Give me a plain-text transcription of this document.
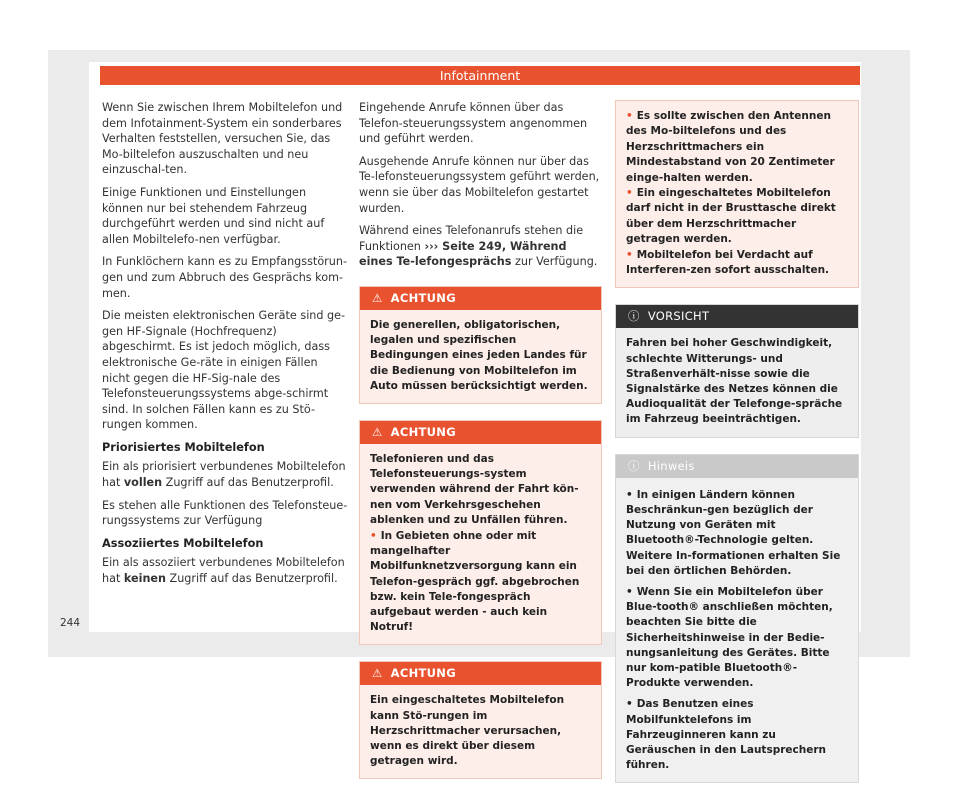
Infotainment

Wenn Sie zwischen Ihrem Mobiltelefon und dem Infotainment-System ein sonderbares Verhalten feststellen, versuchen Sie, das Mo-biltelefon auszuschalten und neu einzuschal-ten.

Einige Funktionen und Einstellungen können nur bei stehendem Fahrzeug durchgeführt werden und sind nicht auf allen Mobiltelefo-nen verfügbar.

In Funklöchern kann es zu Empfangsstörun-gen und zum Abbruch des Gesprächs kom-men.

Die meisten elektronischen Geräte sind ge-gen HF-Signale (Hochfrequenz) abgeschirmt. Es ist jedoch möglich, dass elektronische Ge-räte in einigen Fällen nicht gegen die HF-Sig-nale des Telefonsteuerungssystems abge-schirmt sind. In solchen Fällen kann es zu Stö-rungen kommen.

Priorisiertes Mobiltelefon

Ein als priorisiert verbundenes Mobiltelefon hat vollen Zugriff auf das Benutzerprofil.

Es stehen alle Funktionen des Telefonsteue-rungssystems zur Verfügung

Assoziiertes Mobiltelefon

Ein als assoziiert verbundenes Mobiltelefon hat keinen Zugriff auf das Benutzerprofil.

Eingehende Anrufe können über das Telefon-steuerungssystem angenommen und geführt werden.

Ausgehende Anrufe können nur über das Te-lefonsteuerungssystem geführt werden, wenn sie über das Mobiltelefon gestartet wurden.

Während eines Telefonanrufs stehen die Funktionen ››› Seite 249, Während eines Te-lefongesprächs zur Verfügung.

⚠ ACHTUNG
Die generellen, obligatorischen, legalen und spezifischen Bedingungen eines jeden Landes für die Bedienung von Mobiltelefon im Auto müssen berücksichtigt werden.
⚠ ACHTUNG
Telefonieren und das Telefonsteuerungs-system verwenden während der Fahrt kön-nen vom Verkehrsgeschehen ablenken und zu Unfällen führen.
• In Gebieten ohne oder mit mangelhafter Mobilfunknetzversorgung kann ein Telefon-gespräch ggf. abgebrochen bzw. kein Tele-fongespräch aufgebaut werden - auch kein Notruf!
⚠ ACHTUNG
Ein eingeschaltetes Mobiltelefon kann Stö-rungen im Herzschrittmacher verursachen, wenn es direkt über diesem getragen wird.
• Es sollte zwischen den Antennen des Mo-biltelefons und des Herzschrittmachers ein Mindestabstand von 20 Zentimeter einge-halten werden.
• Ein eingeschaltetes Mobiltelefon darf nicht in der Brusttasche direkt über dem Herzschrittmacher getragen werden.
• Mobiltelefon bei Verdacht auf Interferen-zen sofort ausschalten.
ⓘ VORSICHT
Fahren bei hoher Geschwindigkeit, schlechte Witterungs- und Straßenverhält-nisse sowie die Signalstärke des Netzes können die Audioqualität der Telefonge-spräche im Fahrzeug beeinträchtigen.
ⓘ Hinweis
• In einigen Ländern können Beschränkun-gen bezüglich der Nutzung von Geräten mit Bluetooth®-Technologie gelten. Weitere In-formationen erhalten Sie bei den örtlichen Behörden.
• Wenn Sie ein Mobiltelefon über Blue-tooth® anschließen möchten, beachten Sie bitte die Sicherheitshinweise in der Bedie-nungsanleitung des Gerätes. Bitte nur kom-patible Bluetooth®-Produkte verwenden.
• Das Benutzen eines Mobilfunktelefons im Fahrzeuginneren kann zu Geräuschen in den Lautsprechern führen.
244
